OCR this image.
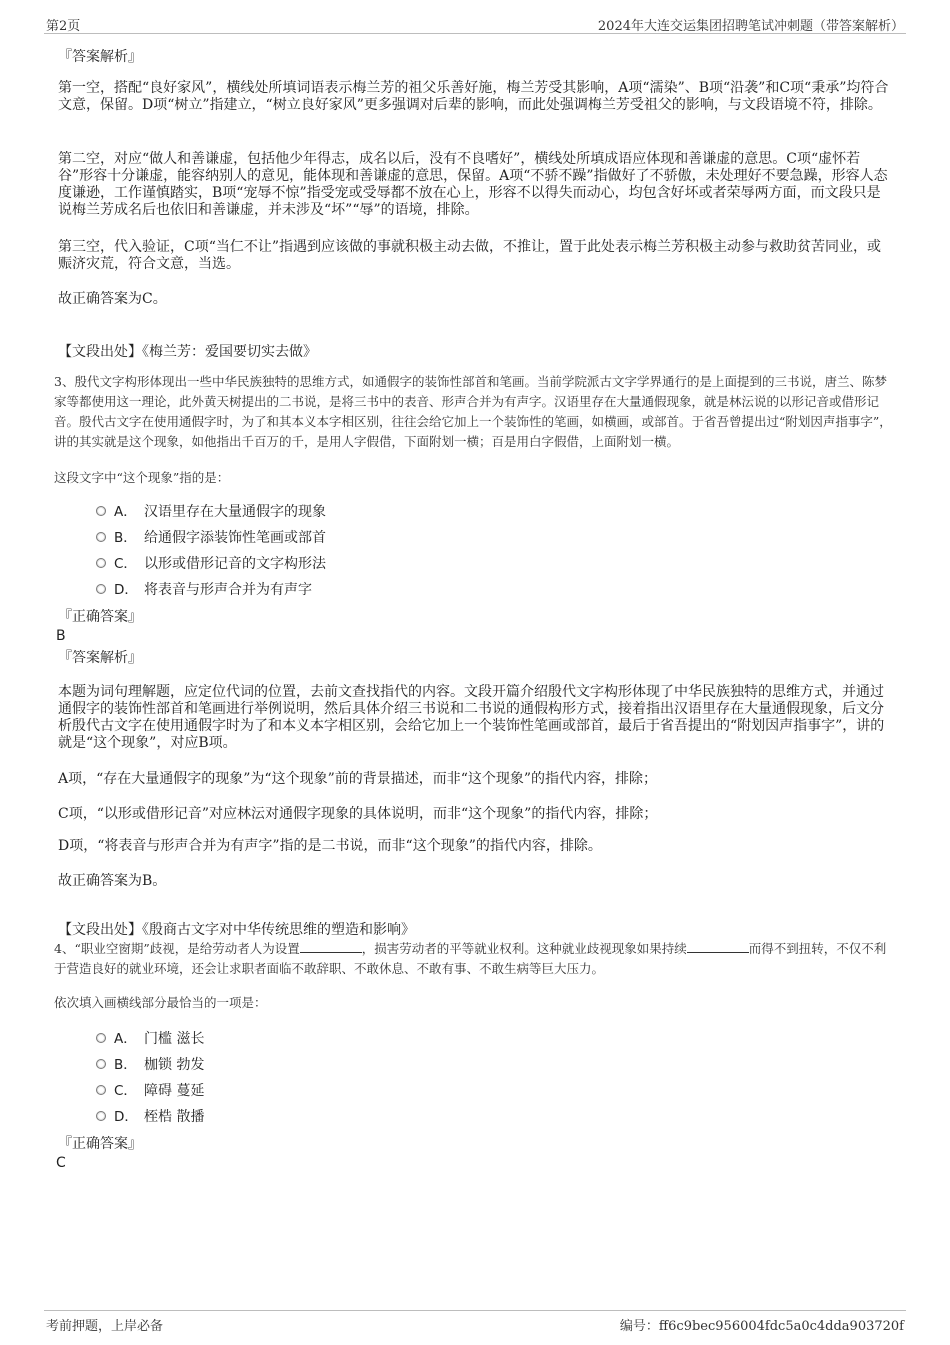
第2页	2024年大连交运集团招聘笔试冲刺题（带答案解析）
『答案解析』

第一空，搭配“良好家风”，横线处所填词语表示梅兰芳的祖父乐善好施，梅兰芳受其影响，A项“濡染”、B项“沿袭”和C项“秉承”均符合文意，保留。D项“树立”指建立，“树立良好家风”更多强调对后辈的影响，而此处强调梅兰芳受祖父的影响，与文段语境不符，排除。

第二空，对应“做人和善谦虚，包括他少年得志，成名以后，没有不良嗜好”，横线处所填成语应体现和善谦虚的意思。C项“虚怀若谷”形容十分谦虚，能容纳别人的意见，能体现和善谦虚的意思，保留。A项“不骄不躁”指做好了不骄傲，未处理好不要急躁，形容人态度谦逊，工作谨慎踏实，B项“宠辱不惊”指受宠或受辱都不放在心上，形容不以得失而动心，均包含好坏或者荣辱两方面，而文段只是说梅兰芳成名后也依旧和善谦虚，并未涉及“坏”“辱”的语境，排除。

第三空，代入验证，C项“当仁不让”指遇到应该做的事就积极主动去做，不推让，置于此处表示梅兰芳积极主动参与救助贫苦同业，或赈济灾荒，符合文意，当选。

故正确答案为C。

【文段出处】《梅兰芳：爱国要切实去做》

3、殷代文字构形体现出一些中华民族独特的思维方式，如通假字的装饰性部首和笔画。当前学院派古文字学界通行的是上面提到的三书说，唐兰、陈梦家等都使用这一理论，此外黄天树提出的二书说，是将三书中的表音、形声合并为有声字。汉语里存在大量通假现象，就是林沄说的以形记音或借形记音。殷代古文字在使用通假字时，为了和其本义本字相区别，往往会给它加上一个装饰性的笔画，如横画，或部首。于省吾曾提出过“附划因声指事字”，讲的其实就是这个现象，如他指出千百万的千，是用人字假借，下面附划一横；百是用白字假借，上面附划一横。
这段文字中“这个现象”指的是：
A． 汉语里存在大量通假字的现象
B． 给通假字添装饰性笔画或部首
C． 以形或借形记音的文字构形法
D． 将表音与形声合并为有声字
『正确答案』
B
『答案解析』

本题为词句理解题，应定位代词的位置，去前文查找指代的内容。文段开篇介绍殷代文字构形体现了中华民族独特的思维方式，并通过通假字的装饰性部首和笔画进行举例说明，然后具体介绍三书说和二书说的通假构形方式，接着指出汉语里存在大量通假现象，后文分析殷代古文字在使用通假字时为了和本义本字相区别，会给它加上一个装饰性笔画或部首，最后于省吾提出的“附划因声指事字”，讲的就是“这个现象”，对应B项。

A项，“存在大量通假字的现象”为“这个现象”前的背景描述，而非“这个现象”的指代内容，排除；

C项，“以形或借形记音”对应林沄对通假字现象的具体说明，而非“这个现象”的指代内容，排除；

D项，“将表音与形声合并为有声字”指的是二书说，而非“这个现象”的指代内容，排除。

故正确答案为B。

【文段出处】《殷商古文字对中华传统思维的塑造和影响》

4、“职业空窗期”歧视，是给劳动者人为设置	，损害劳动者的平等就业权利。这种就业歧视现象如果持续	而得不到扭转，不仅不利于营造良好的就业环境，还会让求职者面临不敢辞职、不敢休息、不敢有事、不敢生病等巨大压力。
依次填入画横线部分最恰当的一项是：
A． 门槛 滋长
B． 枷锁 勃发
C． 障碍 蔓延
D． 桎梏 散播
『正确答案』
C
考前押题，上岸必备	编号：ff6c9bec956004fdc5a0c4dda903720f
